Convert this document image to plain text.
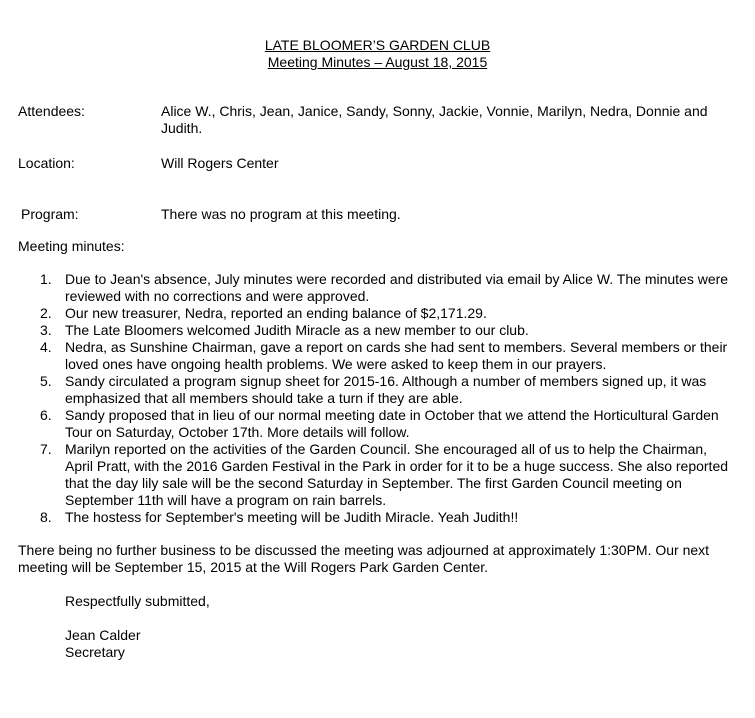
LATE BLOOMER’S GARDEN CLUB
Meeting Minutes – August 18, 2015
Attendees:	Alice W., Chris, Jean, Janice, Sandy, Sonny, Jackie, Vonnie, Marilyn, Nedra, Donnie and Judith.
Location:	Will Rogers Center
Program:	There was no program at this meeting.
Meeting minutes:
1. Due to Jean's absence, July minutes were recorded and distributed via email by Alice W. The minutes were reviewed with no corrections and were approved.
2. Our new treasurer, Nedra, reported an ending balance of $2,171.29.
3. The Late Bloomers welcomed Judith Miracle as a new member to our club.
4. Nedra, as Sunshine Chairman, gave a report on cards she had sent to members. Several members or their loved ones have ongoing health problems. We were asked to keep them in our prayers.
5. Sandy circulated a program signup sheet for 2015-16. Although a number of members signed up, it was emphasized that all members should take a turn if they are able.
6. Sandy proposed that in lieu of our normal meeting date in October that we attend the Horticultural Garden Tour on Saturday, October 17th. More details will follow.
7. Marilyn reported on the activities of the Garden Council. She encouraged all of us to help the Chairman, April Pratt, with the 2016 Garden Festival in the Park in order for it to be a huge success. She also reported that the day lily sale will be the second Saturday in September. The first Garden Council meeting on September 11th will have a program on rain barrels.
8. The hostess for September's meeting will be Judith Miracle. Yeah Judith!!
There being no further business to be discussed the meeting was adjourned at approximately 1:30PM. Our next meeting will be September 15, 2015 at the Will Rogers Park Garden Center.
Respectfully submitted,
Jean Calder
Secretary
